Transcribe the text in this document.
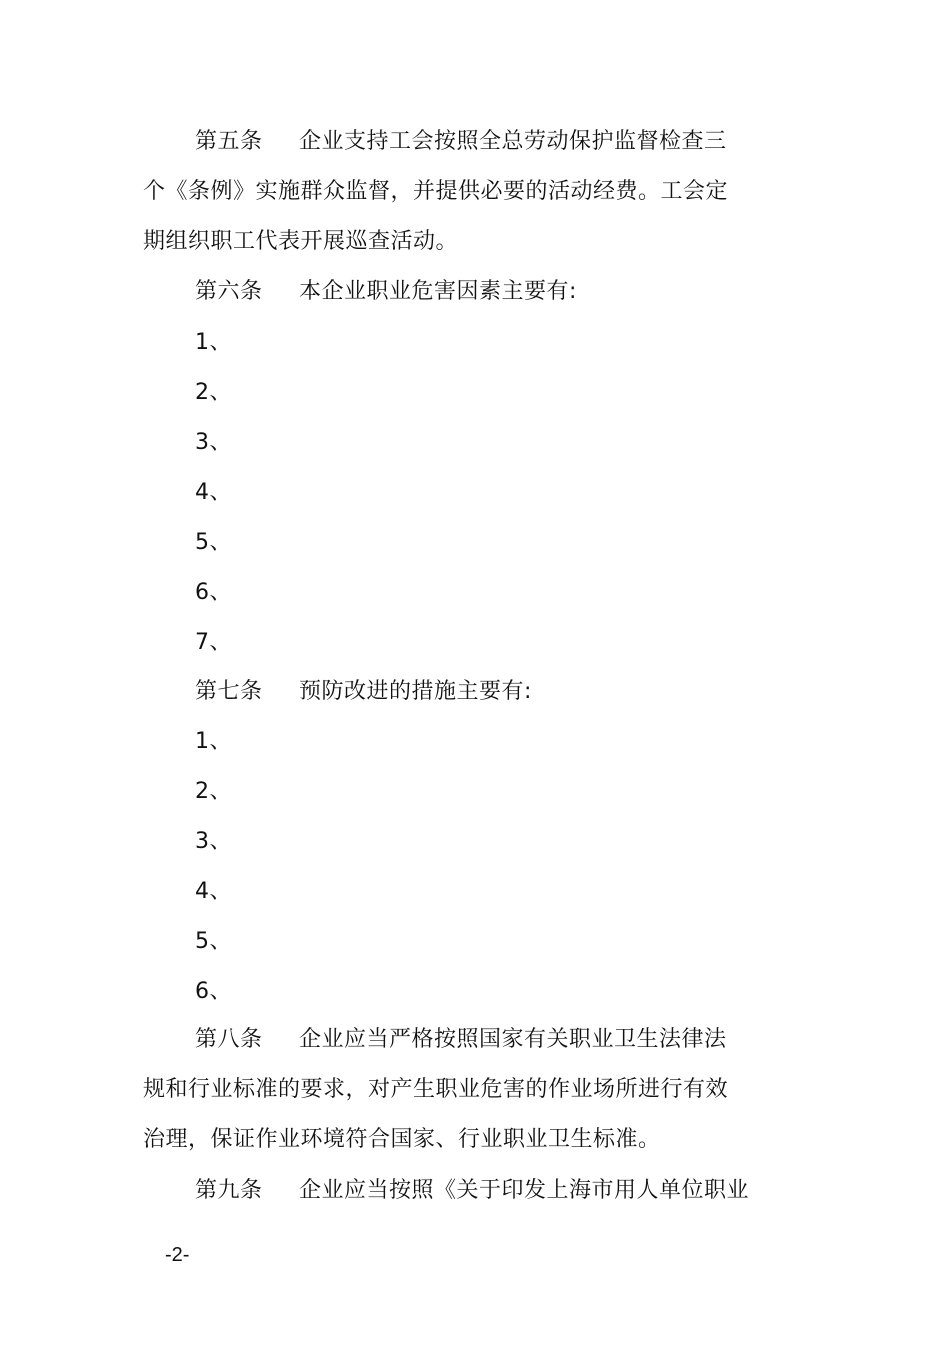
第五条 企业支持工会按照全总劳动保护监督检查三
个《条例》实施群众监督，并提供必要的活动经费。工会定
期组织职工代表开展巡查活动。
第六条 本企业职业危害因素主要有:
1、
2、
3、
4、
5、
6、
7、
第七条 预防改进的措施主要有:
1、
2、
3、
4、
5、
6、
第八条 企业应当严格按照国家有关职业卫生法律法
规和行业标准的要求，对产生职业危害的作业场所进行有效
治理，保证作业环境符合国家、行业职业卫生标准。
第九条 企业应当按照《关于印发上海市用人单位职业
-2-
